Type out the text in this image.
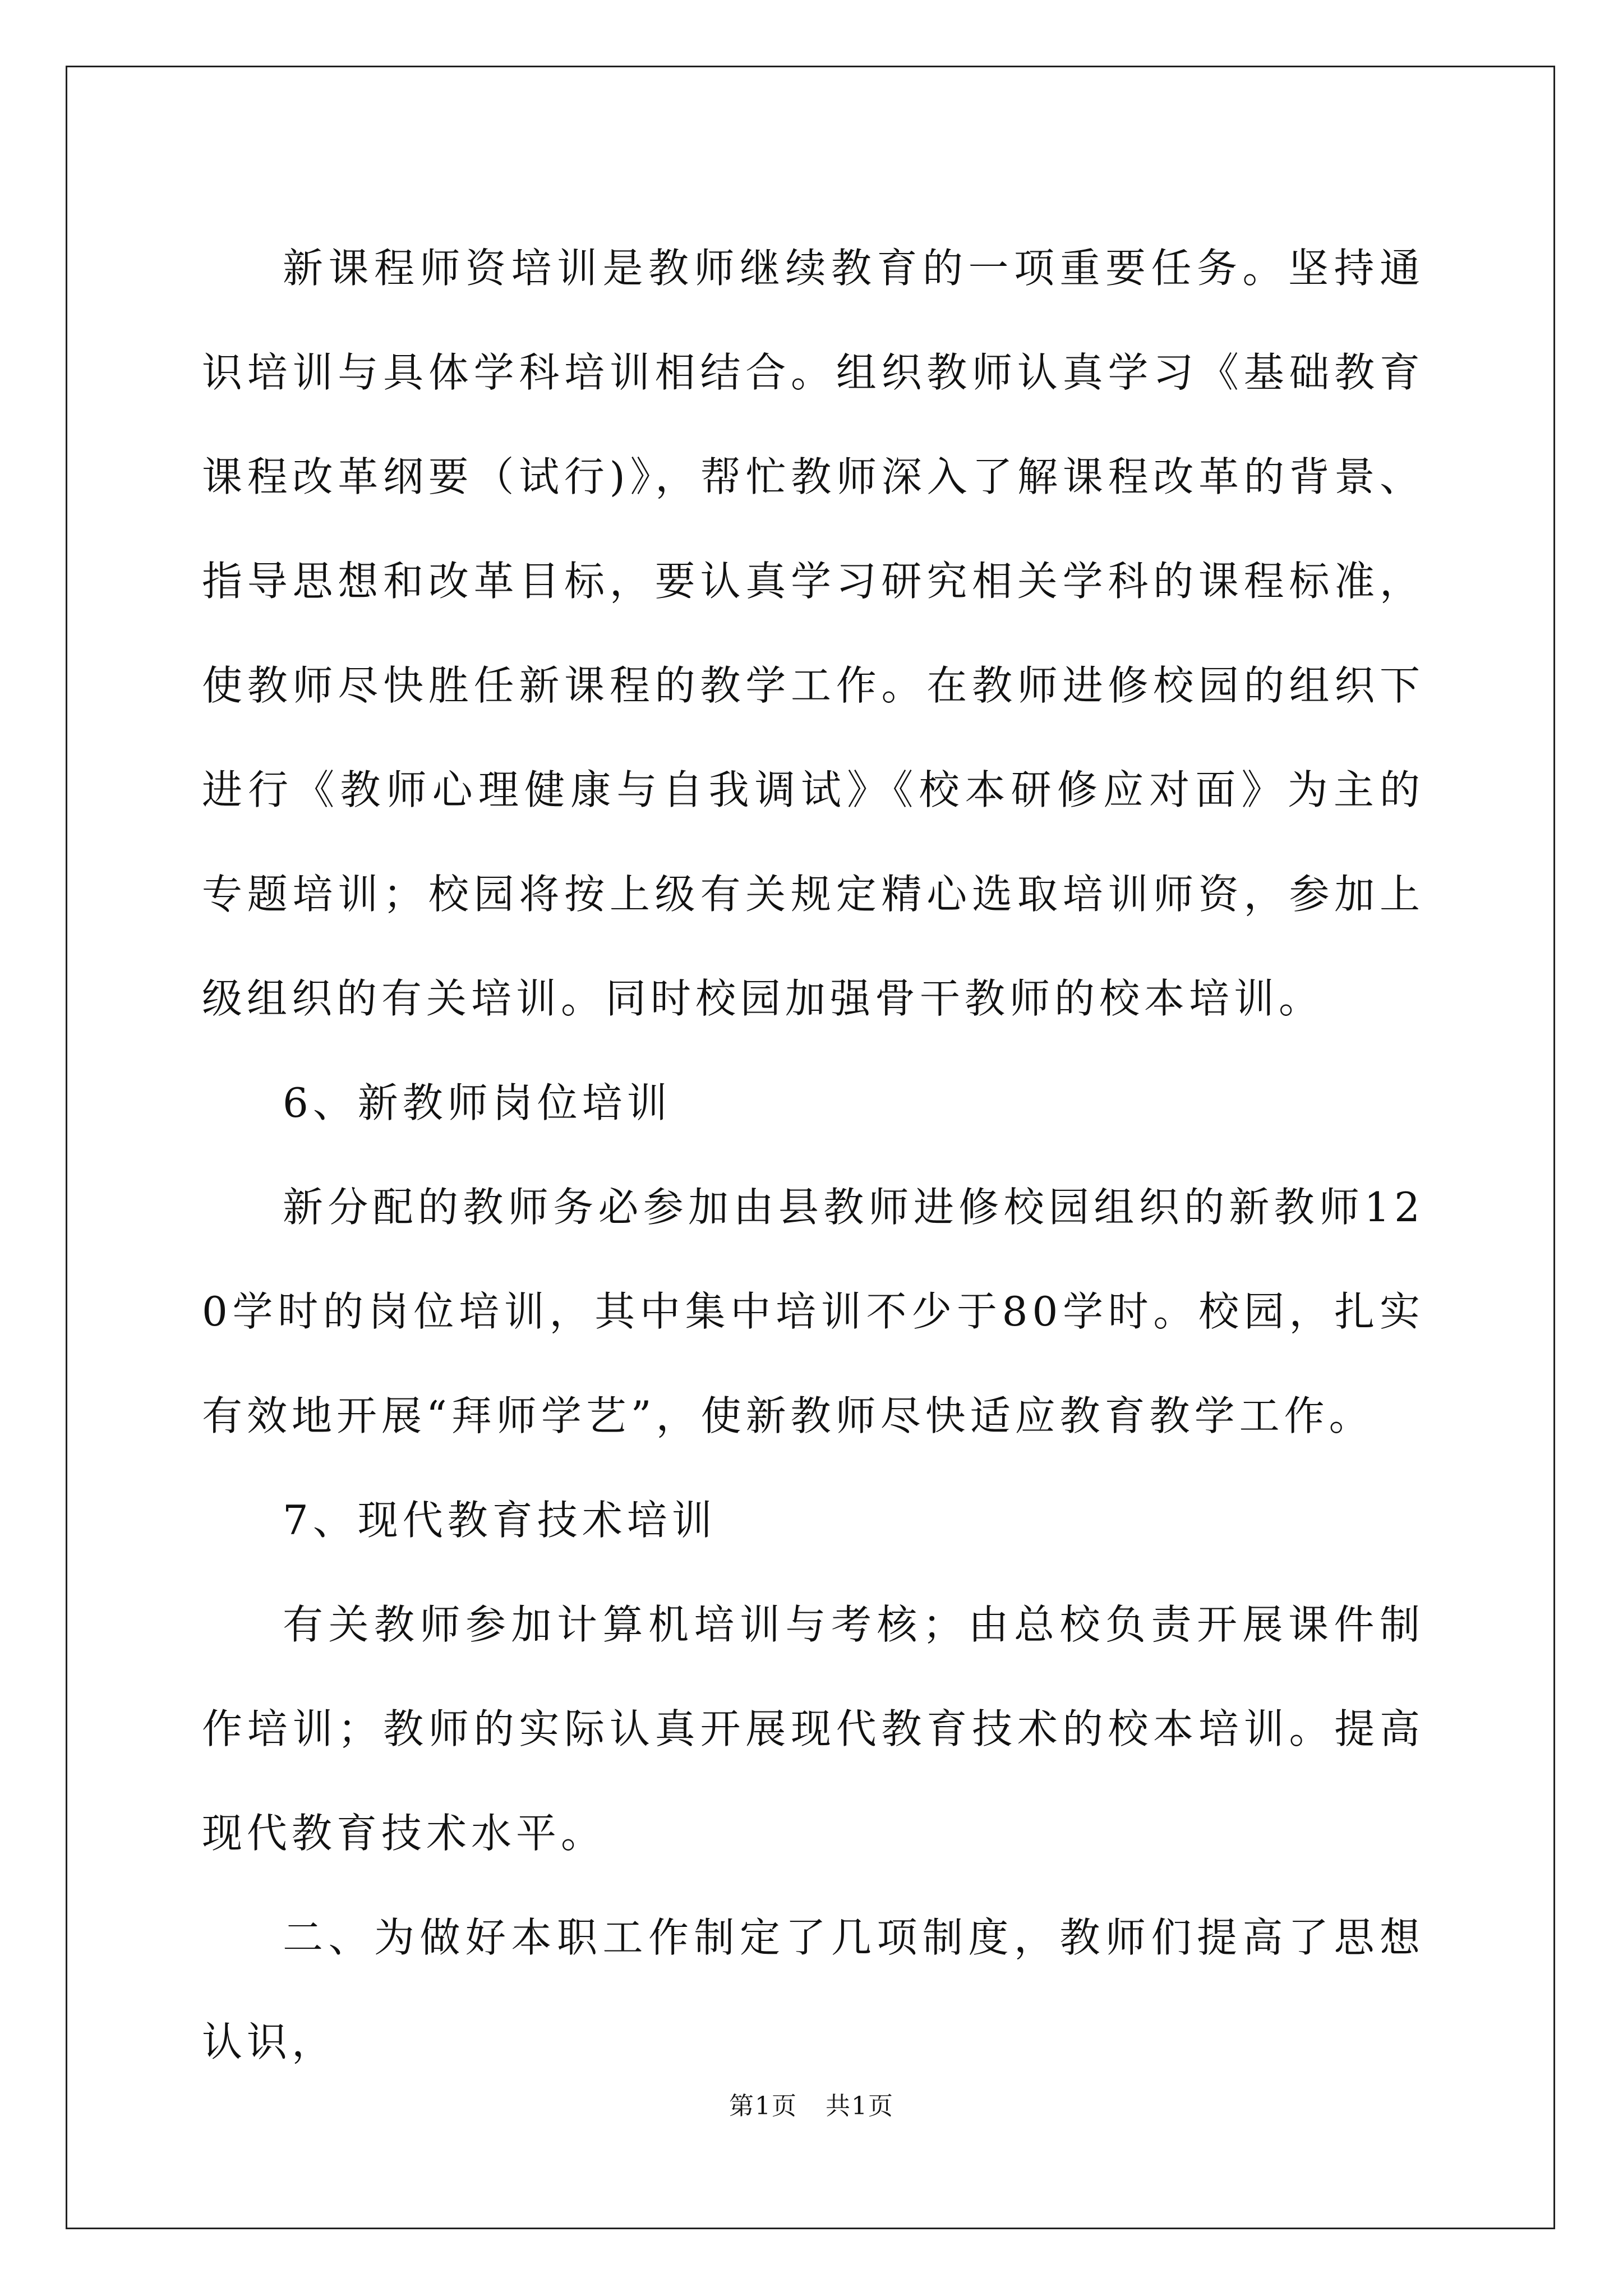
新课程师资培训是教师继续教育的一项重要任务。坚持通识培训与具体学科培训相结合。组织教师认真学习《基础教育课程改革纲要（试行)》，帮忙教师深入了解课程改革的背景、指导思想和改革目标，要认真学习研究相关学科的课程标准，使教师尽快胜任新课程的教学工作。在教师进修校园的组织下进行《教师心理健康与自我调试》《校本研修应对面》为主的专题培训；校园将按上级有关规定精心选取培训师资，参加上级组织的有关培训。同时校园加强骨干教师的校本培训。

6、新教师岗位培训

新分配的教师务必参加由县教师进修校园组织的新教师120学时的岗位培训，其中集中培训不少于80学时。校园，扎实有效地开展“拜师学艺”，使新教师尽快适应教育教学工作。

7、现代教育技术培训

有关教师参加计算机培训与考核；由总校负责开展课件制作培训；教师的实际认真开展现代教育技术的校本培训。提高现代教育技术水平。

二、为做好本职工作制定了几项制度，教师们提高了思想认识，

第1页 共1页
